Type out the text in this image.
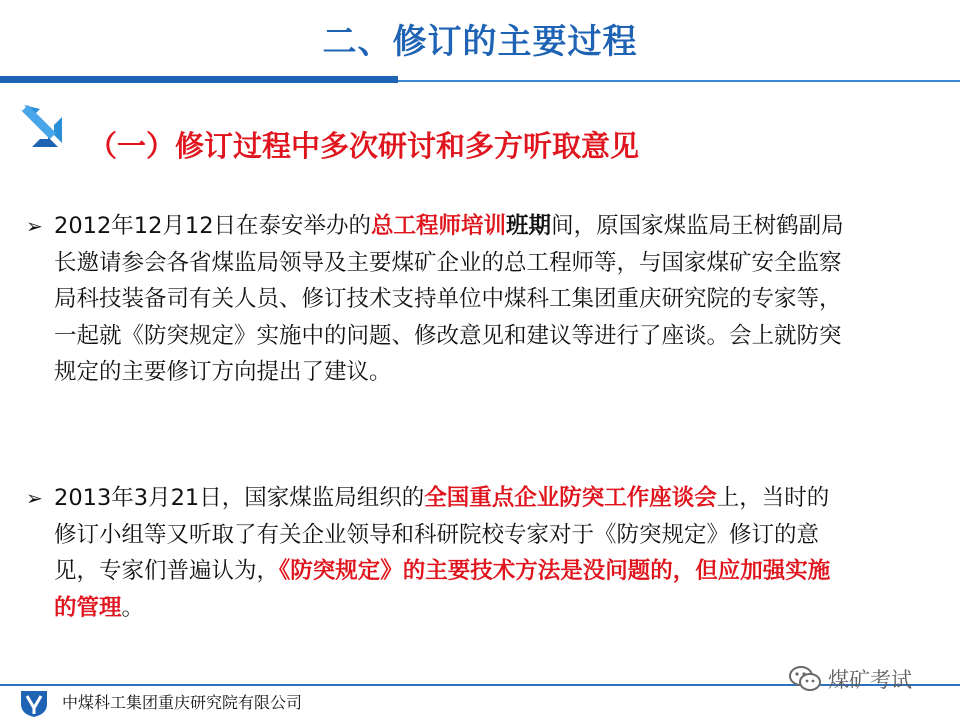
二、修订的主要过程
（一）修订过程中多次研讨和多方听取意见
➢ 2012年12月12日在泰安举办的总工程师培训班期间，原国家煤监局王树鹤副局长邀请参会各省煤监局领导及主要煤矿企业的总工程师等，与国家煤矿安全监察局科技装备司有关人员、修订技术支持单位中煤科工集团重庆研究院的专家等，一起就《防突规定》实施中的问题、修改意见和建议等进行了座谈。会上就防突规定的主要修订方向提出了建议。
➢ 2013年3月21日，国家煤监局组织的全国重点企业防突工作座谈会上，当时的修订小组等又听取了有关企业领导和科研院校专家对于《防突规定》修订的意见，专家们普遍认为，《防突规定》的主要技术方法是没问题的，但应加强实施的管理。
中煤科工集团重庆研究院有限公司
煤矿考试
